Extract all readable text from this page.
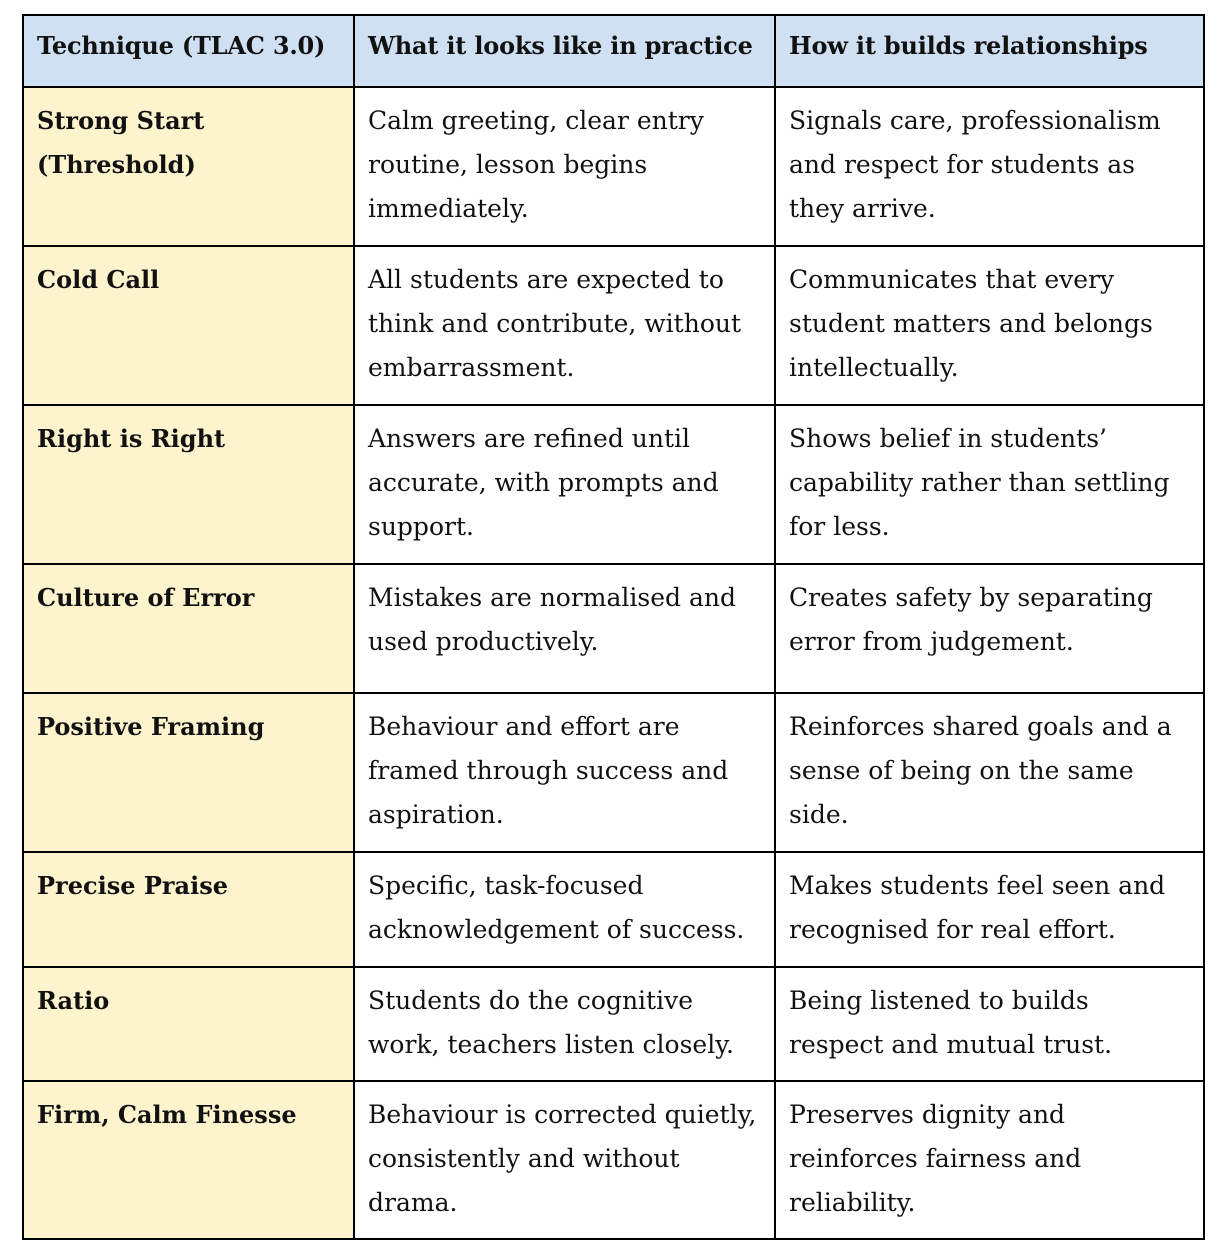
Technique (TLAC 3.0)	What it looks like in practice	How it builds relationships
Strong Start (Threshold)	Calm greeting, clear entry routine, lesson begins immediately.	Signals care, professionalism and respect for students as they arrive.
Cold Call	All students are expected to think and contribute, without embarrassment.	Communicates that every student matters and belongs intellectually.
Right is Right	Answers are refined until accurate, with prompts and support.	Shows belief in students’ capability rather than settling for less.
Culture of Error	Mistakes are normalised and used productively.	Creates safety by separating error from judgement.
Positive Framing	Behaviour and effort are framed through success and aspiration.	Reinforces shared goals and a sense of being on the same side.
Precise Praise	Specific, task-focused acknowledgement of success.	Makes students feel seen and recognised for real effort.
Ratio	Students do the cognitive work, teachers listen closely.	Being listened to builds respect and mutual trust.
Firm, Calm Finesse	Behaviour is corrected quietly, consistently and without drama.	Preserves dignity and reinforces fairness and reliability.
